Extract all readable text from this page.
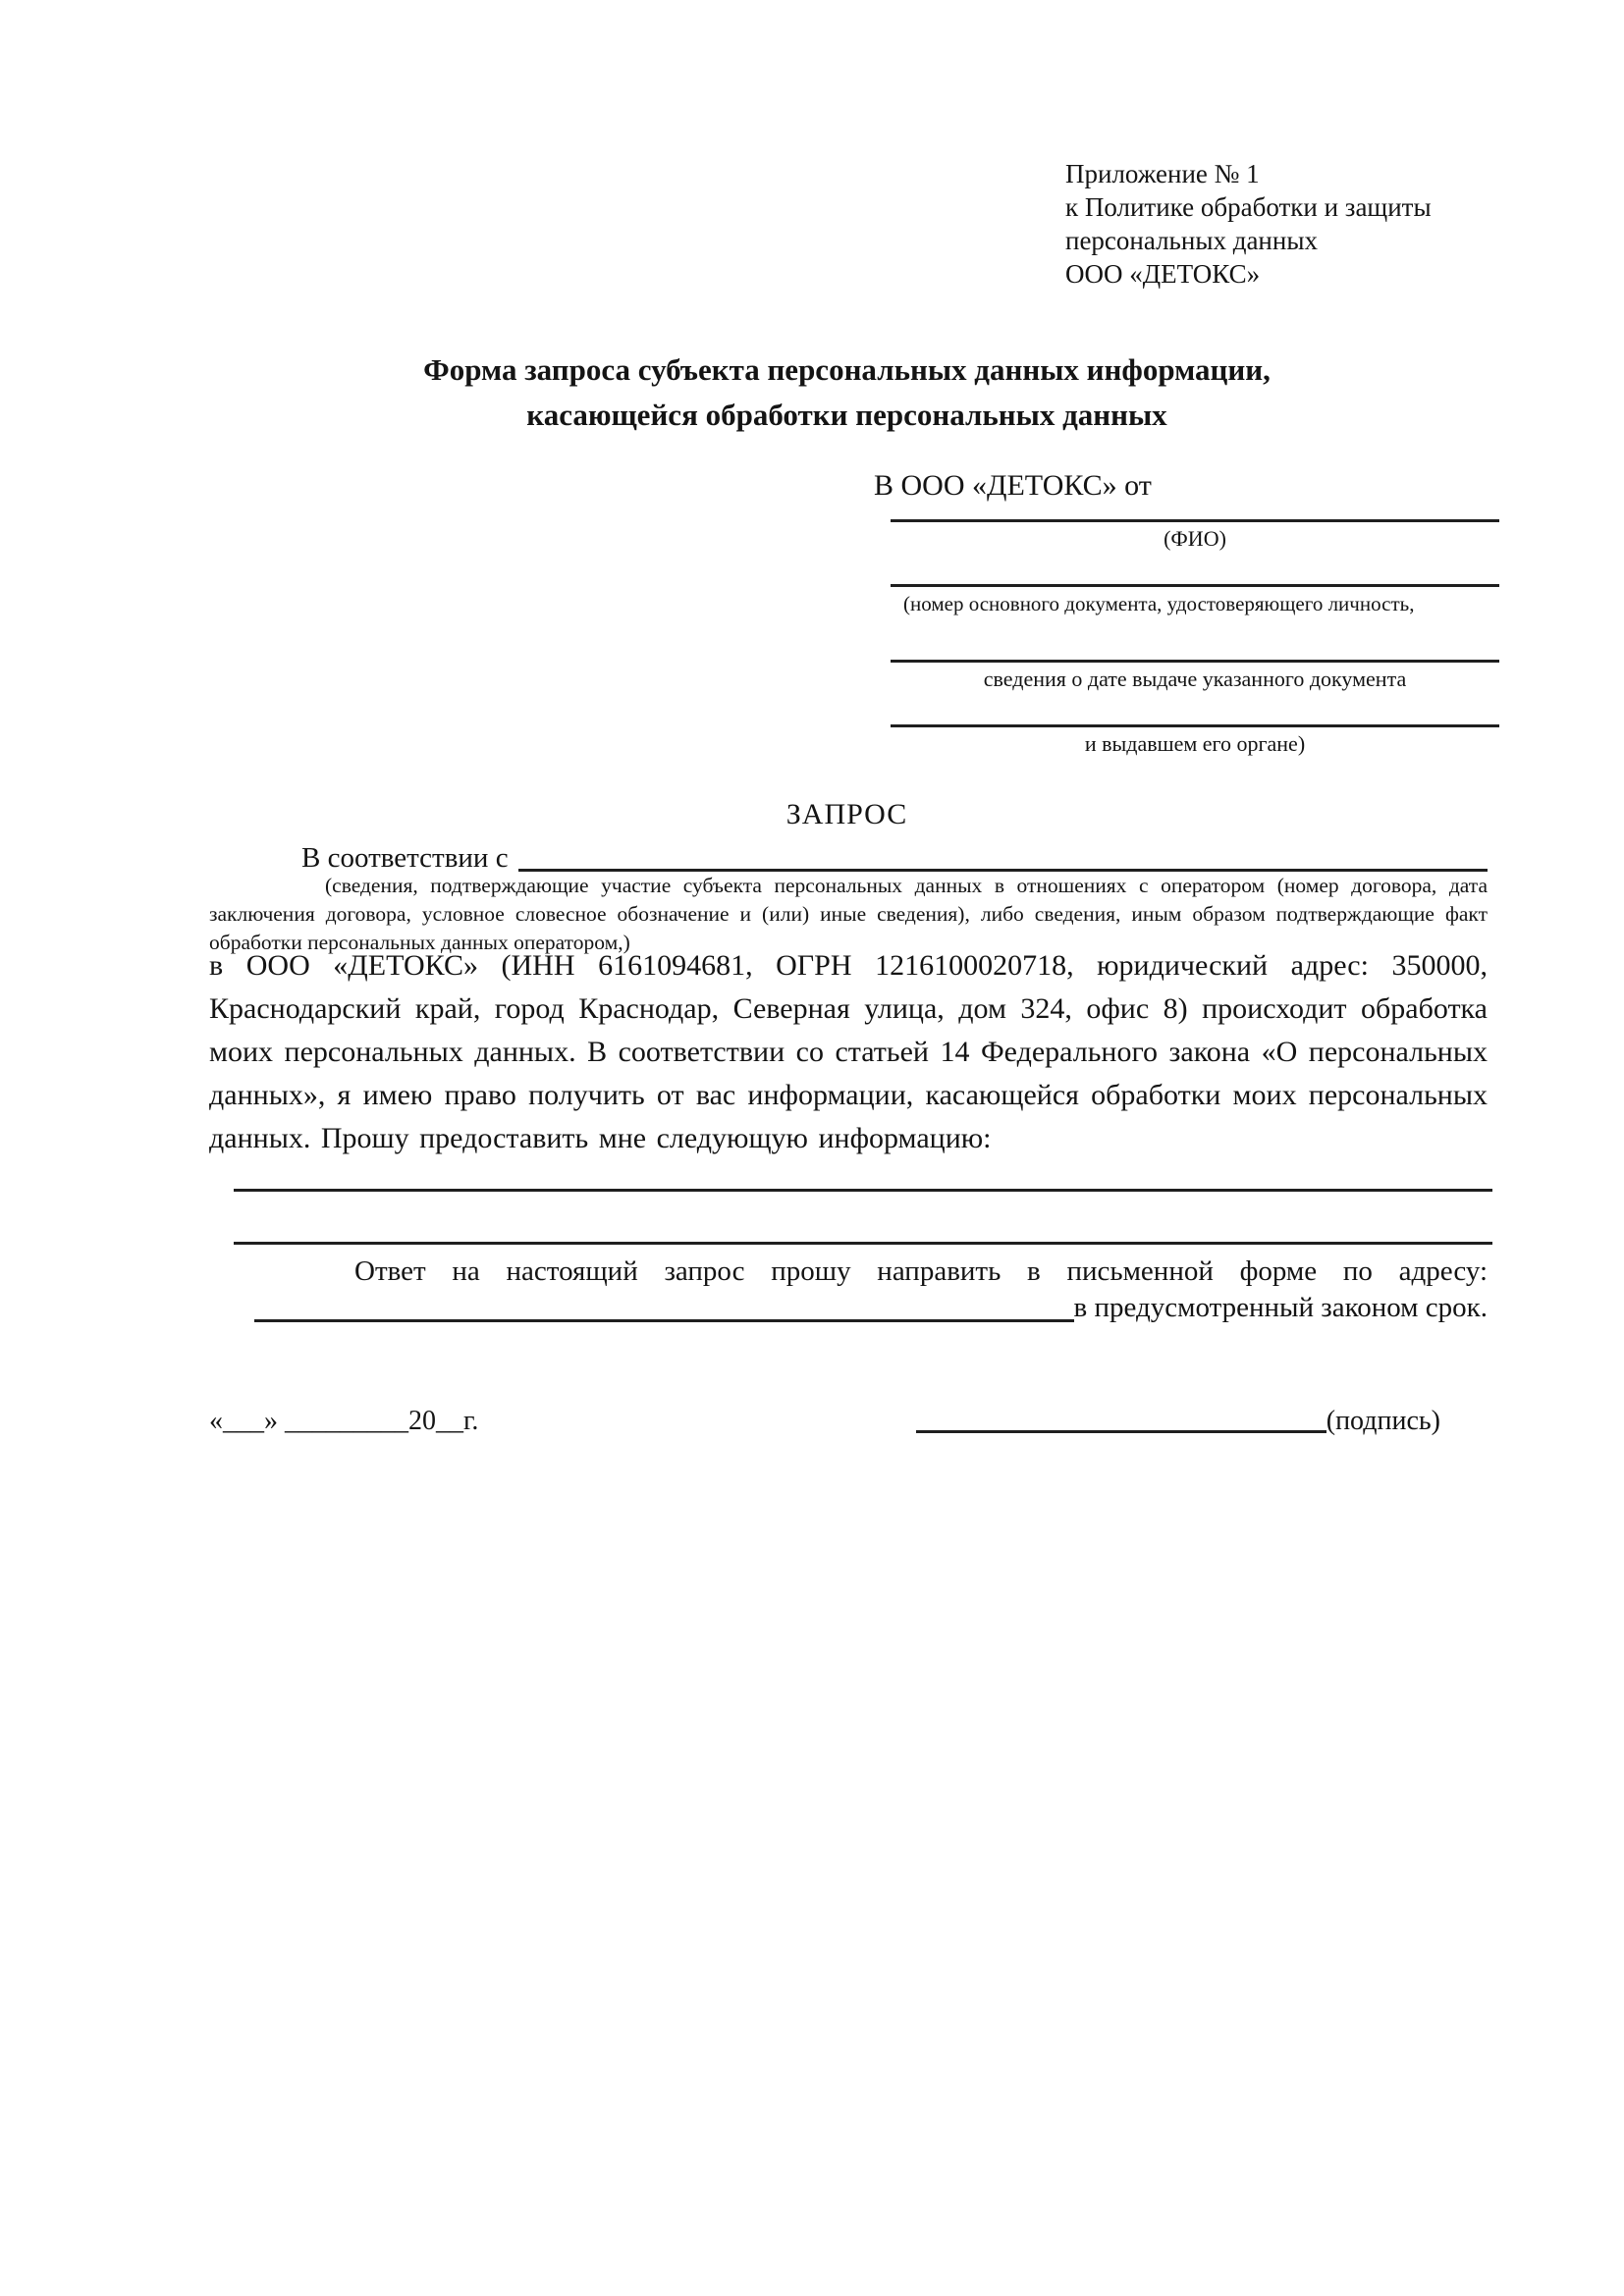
Приложение № 1
к Политике обработки и защиты
персональных данных
ООО «ДЕТОКС»
Форма запроса субъекта персональных данных информации,
касающейся обработки персональных данных
В ООО «ДЕТОКС» от
(ФИО)
(номер основного документа, удостоверяющего личность,
сведения о дате выдаче указанного документа
и выдавшем его органе)
ЗАПРОС
В соответствии с
(сведения, подтверждающие участие субъекта персональных данных в отношениях с оператором (номер договора, дата заключения договора, условное словесное обозначение и (или) иные сведения), либо сведения, иным образом подтверждающие факт обработки персональных данных оператором,)
в ООО «ДЕТОКС» (ИНН 6161094681, ОГРН 1216100020718, юридический адрес: 350000, Краснодарский край, город Краснодар, Северная улица, дом 324, офис 8) происходит обработка моих персональных данных. В соответствии со статьей 14 Федерального закона «О персональных данных», я имею право получить от вас информации, касающейся обработки моих персональных данных. Прошу предоставить мне следующую информацию:
Ответ на настоящий запрос прошу направить в письменной форме по адресу:
в предусмотренный законом срок.
«___» _________20__г.	(подпись)
